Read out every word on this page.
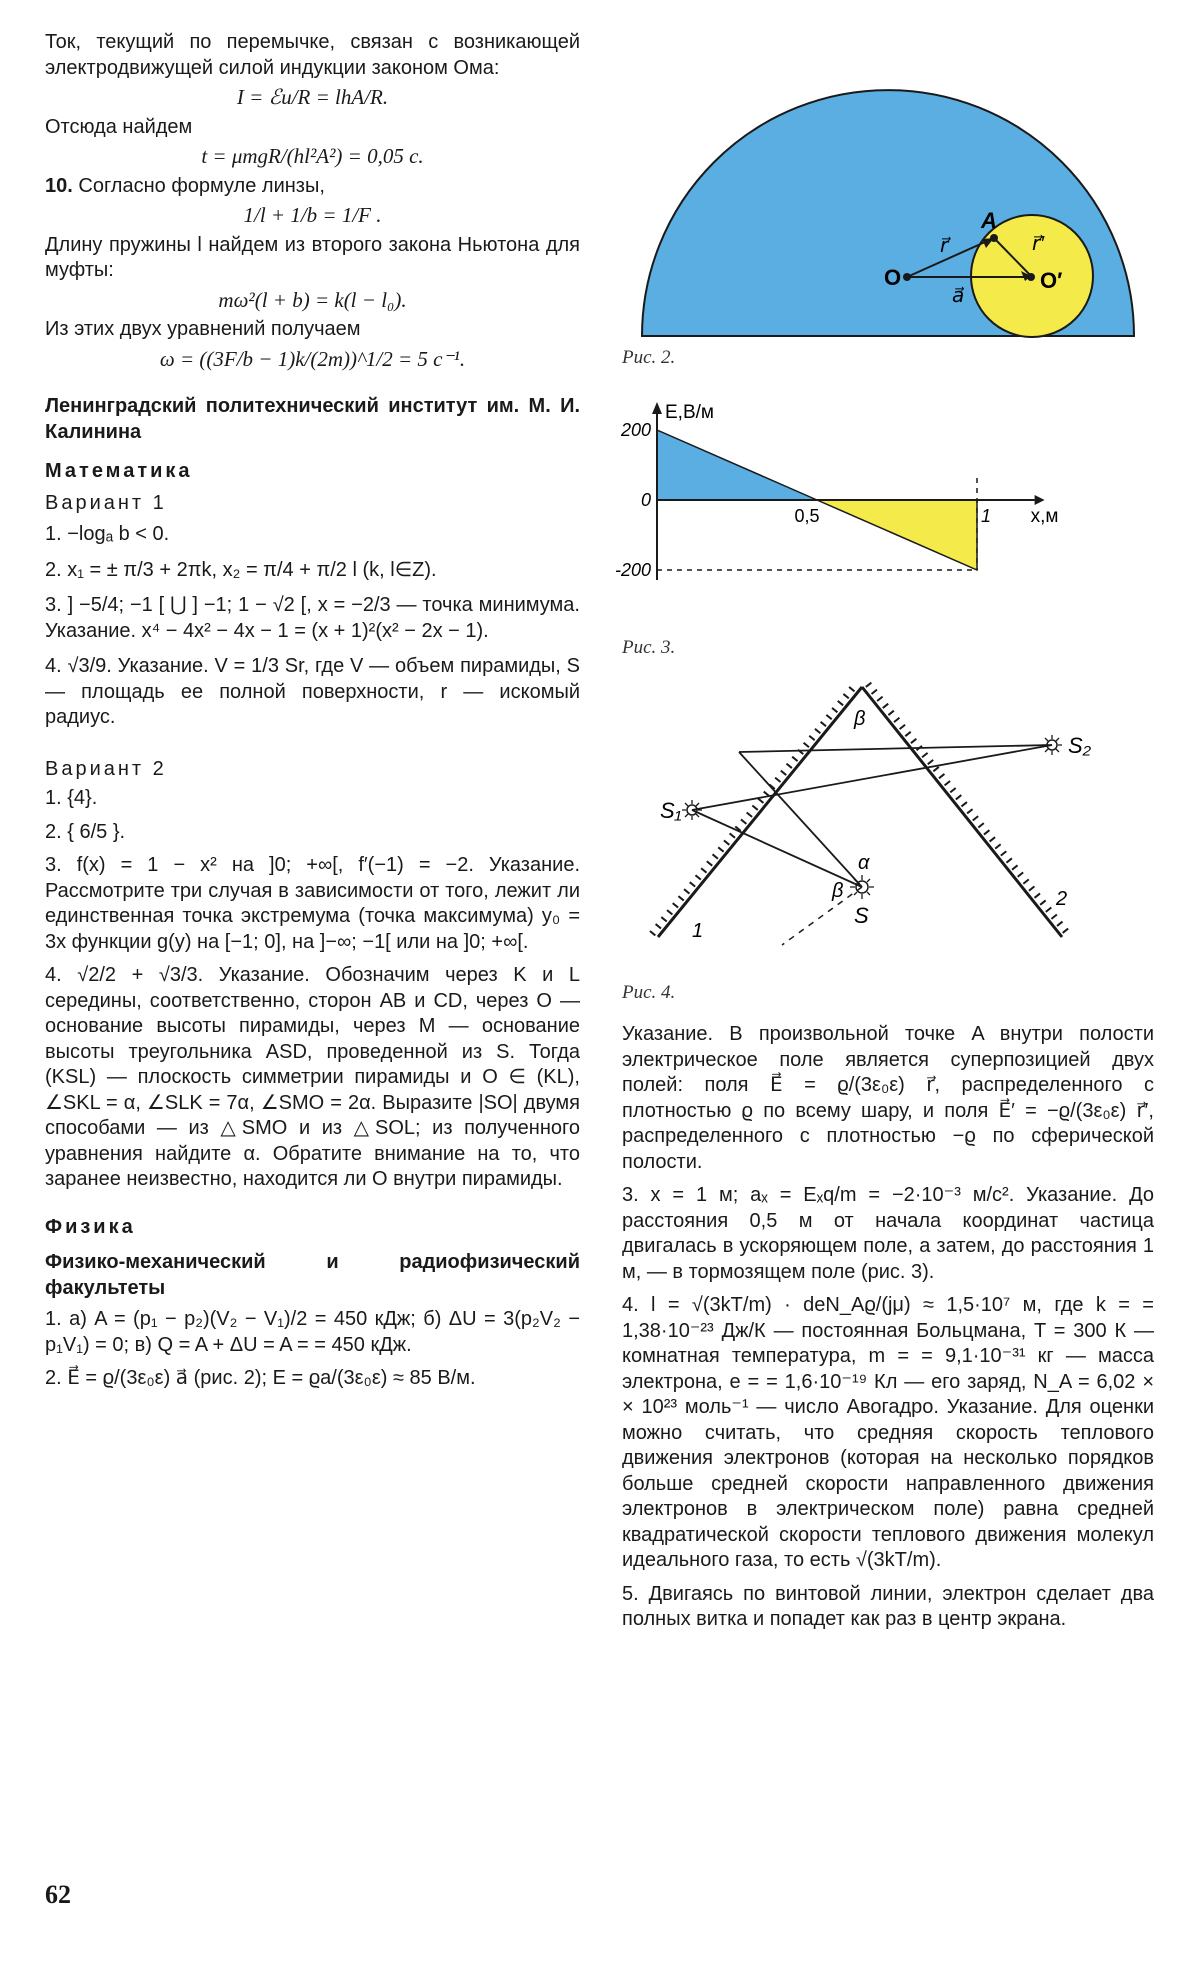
Ток, текущий по перемычке, связан с возникающей электродвижущей силой индукции законом Ома:

I = ℰи/R = lhA/R.

Отсюда найдем

t = μmgR/(hl²A²) = 0,05 с.

10. Согласно формуле линзы,

1/l + 1/b = 1/F .

Длину пружины l найдем из второго закона Ньютона для муфты:

mω²(l + b) = k(l − l₀).

Из этих двух уравнений получаем

ω = ((3F/b − 1)k/(2m))^1/2 = 5 с⁻¹.

Ленинградский политехнический институт им. М. И. Калинина

Математика

Вариант 1

1. −logₐ b < 0.

2. x₁ = ± π/3 + 2πk, x₂ = π/4 + π/2 l (k, l∈Z).

3. ] −5/4; −1 [ ⋃ ] −1; 1 − √2 [, x = −2/3 — точка минимума. Указание. x⁴ − 4x² − 4x − 1 = (x + 1)²(x² − 2x − 1).

4. √3/9. Указание. V = 1/3 Sr, где V — объем пирамиды, S — площадь ее полной поверхности, r — искомый радиус.

Вариант 2

1. {4}.

2. { 6/5 }.

3. f(x) = 1 − x² на ]0; +∞[, f′(−1) = −2. Указание. Рассмотрите три случая в зависимости от того, лежит ли единственная точка экстремума (точка максимума) y₀ = 3x функции g(y) на [−1; 0], на ]−∞; −1[ или на ]0; +∞[.

4. √2/2 + √3/3. Указание. Обозначим через K и L середины, соответственно, сторон AB и CD, через O — основание высоты пирамиды, через M — основание высоты треугольника ASD, проведенной из S. Тогда (KSL) — плоскость симметрии пирамиды и O ∈ (KL), ∠SKL = α, ∠SLK = 7α, ∠SMO = 2α. Выразите |SO| двумя способами — из △SMO и из △SOL; из полученного уравнения найдите α. Обратите внимание на то, что заранее неизвестно, находится ли O внутри пирамиды.

Физика

Физико-механический и радиофизический факультеты

1. а) A = (p₁ − p₂)(V₂ − V₁)/2 = 450 кДж; б) ΔU = 3(p₂V₂ − p₁V₁) = 0; в) Q = A + ΔU = A = = 450 кДж.

2. E⃗ = ϱ/(3ε₀ε) a⃗ (рис. 2); E = ϱa/(3ε₀ε) ≈ 85 В/м.

O	O′
A
r⃗	r⃗′
a⃗
Рис. 2.
E,В/м
x,м
200
0
-200
0,5	1
Рис. 3.
S₁
S₂
S
α
β
β
1
2
Рис. 4.

Указание. В произвольной точке A внутри полости электрическое поле является суперпозицией двух полей: поля E⃗ = ϱ/(3ε₀ε) r⃗, распределенного с плотностью ϱ по всему шару, и поля E⃗′ = −ϱ/(3ε₀ε) r⃗′, распределенного с плотностью −ϱ по сферической полости.

3. x = 1 м; aₓ = Eₓq/m = −2·10⁻³ м/с². Указание. До расстояния 0,5 м от начала координат частица двигалась в ускоряющем поле, а затем, до расстояния 1 м, — в тормозящем поле (рис. 3).

4. l = √(3kT/m) · deN_Aϱ/(jμ) ≈ 1,5·10⁷ м, где k = = 1,38·10⁻²³ Дж/К — постоянная Больцмана, T = 300 К — комнатная температура, m = = 9,1·10⁻³¹ кг — масса электрона, e = = 1,6·10⁻¹⁹ Кл — его заряд, N_A = 6,02 × × 10²³ моль⁻¹ — число Авогадро. Указание. Для оценки можно считать, что средняя скорость теплового движения электронов (которая на несколько порядков больше средней скорости направленного движения электронов в электрическом поле) равна средней квадратической скорости теплового движения молекул идеального газа, то есть √(3kT/m).

5. Двигаясь по винтовой линии, электрон сделает два полных витка и попадет как раз в центр экрана.

62
